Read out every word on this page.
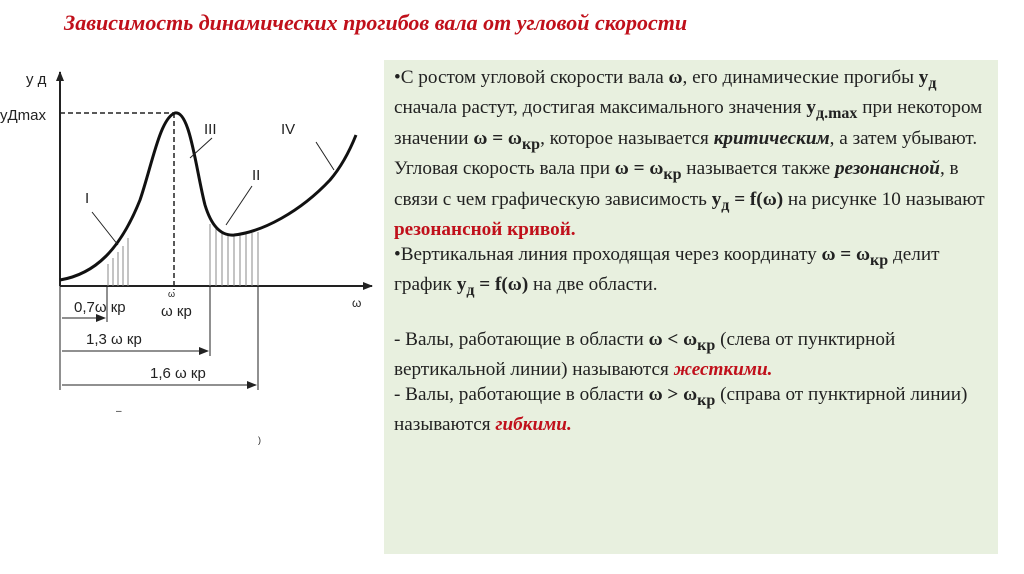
Зависимость динамических прогибов вала от угловой скорости
y д
yДmax
ω
ω
ω кр
I
II
III	IV
0,7ω кр
1,3 ω кр
1,6 ω кр
–
)

•С ростом угловой скорости вала ω, его динамические прогибы $у_д$ сначала растут, достигая максимального значения $у_{д.max}$ при некотором значении $\omega = \omega_{кр}$, которое называется критическим, а затем убывают.

Угловая скорость вала при $\omega = \omega_{кр}$ называется также резонансной, в связи с чем графическую зависимость $у_д = f(\omega)$ на рисунке 10 называют резонансной кривой.

•Вертикальная линия проходящая через координату $\omega = \omega_{кр}$ делит график $у_д = f(\omega)$ на две области.

- Валы, работающие в области $\omega < \omega_{кр}$ (слева от пунктирной вертикальной линии) называются жесткими.

- Валы, работающие в области $\omega > \omega_{кр}$ (справа от пунктирной линии) называются гибкими.
